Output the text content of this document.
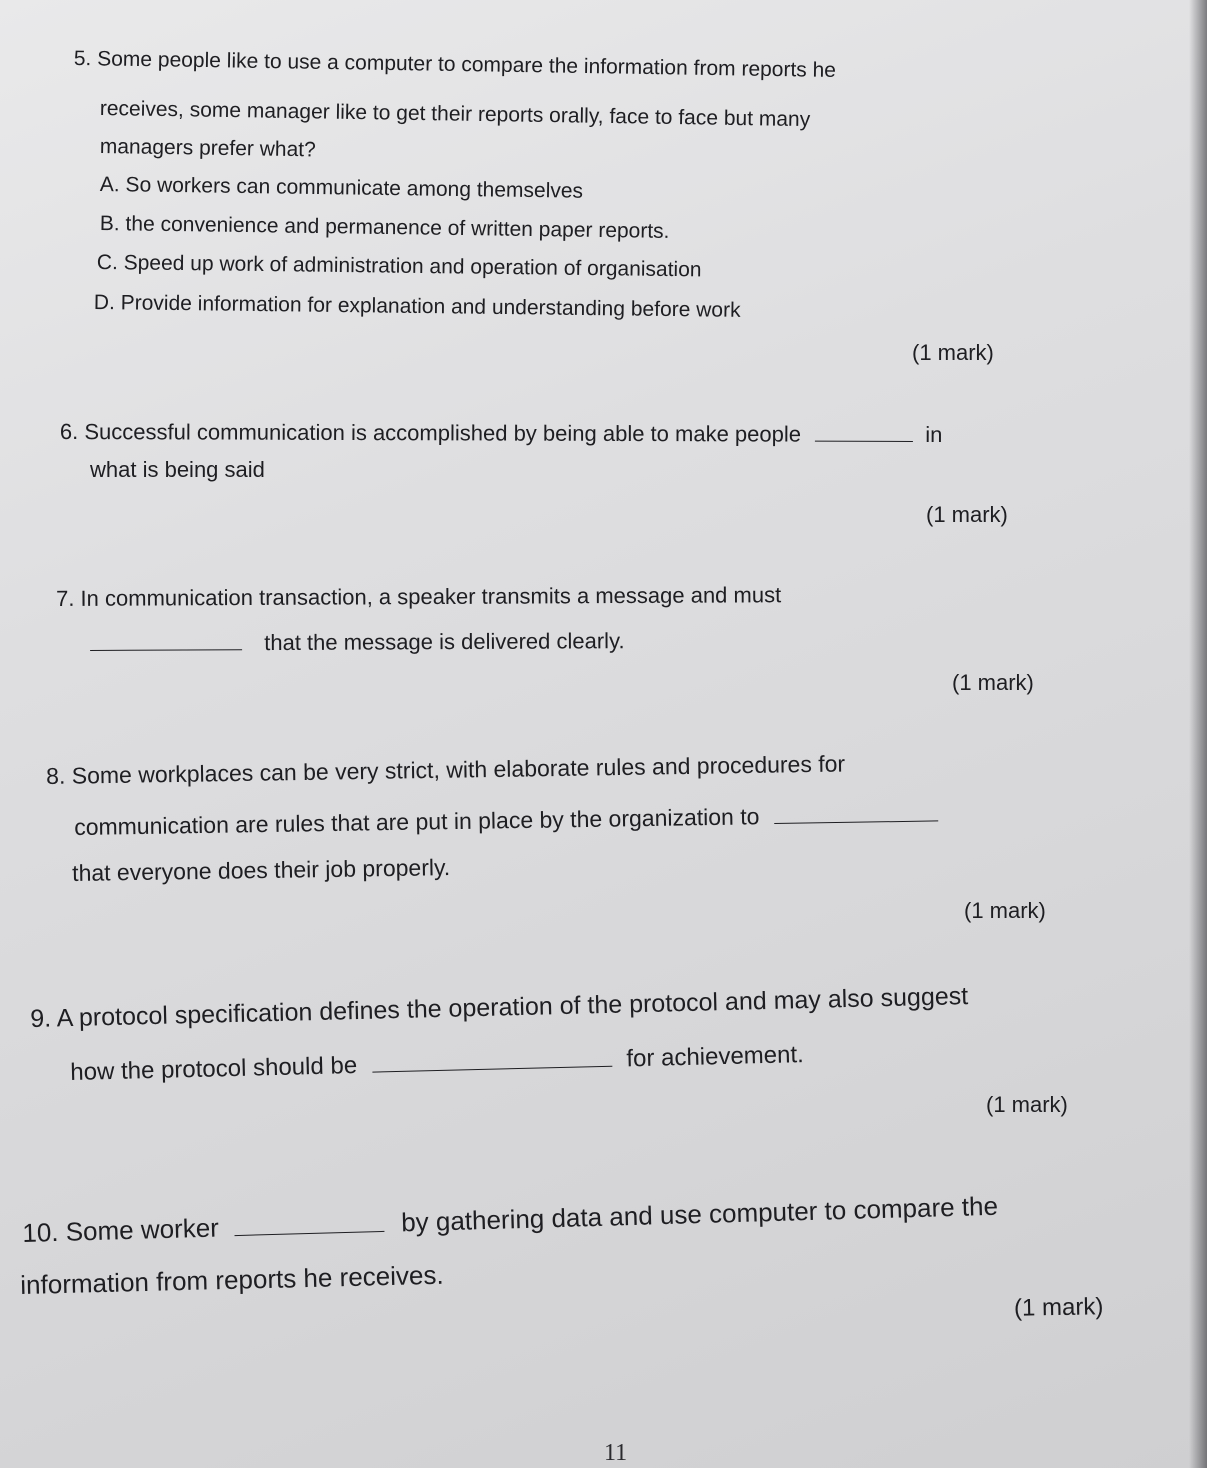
5. Some people like to use a computer to compare the information from reports he
receives, some manager like to get their reports orally, face to face but many
managers prefer what?
A. So workers can communicate among themselves
B. the convenience and permanence of written paper reports.
C. Speed up work of administration and operation of organisation
D. Provide information for explanation and understanding before work
(1 mark)
6. Successful communication is accomplished by being able to make people	in
what is being said
(1 mark)
7. In communication transaction, a speaker transmits a message and must
that the message is delivered clearly.
(1 mark)
8. Some workplaces can be very strict, with elaborate rules and procedures for
communication are rules that are put in place by the organization to
that everyone does their job properly.
(1 mark)
9. A protocol specification defines the operation of the protocol and may also suggest
how the protocol should be	for achievement.
(1 mark)
10. Some worker	by gathering data and use computer to compare the
information from reports he receives.
(1 mark)
11
